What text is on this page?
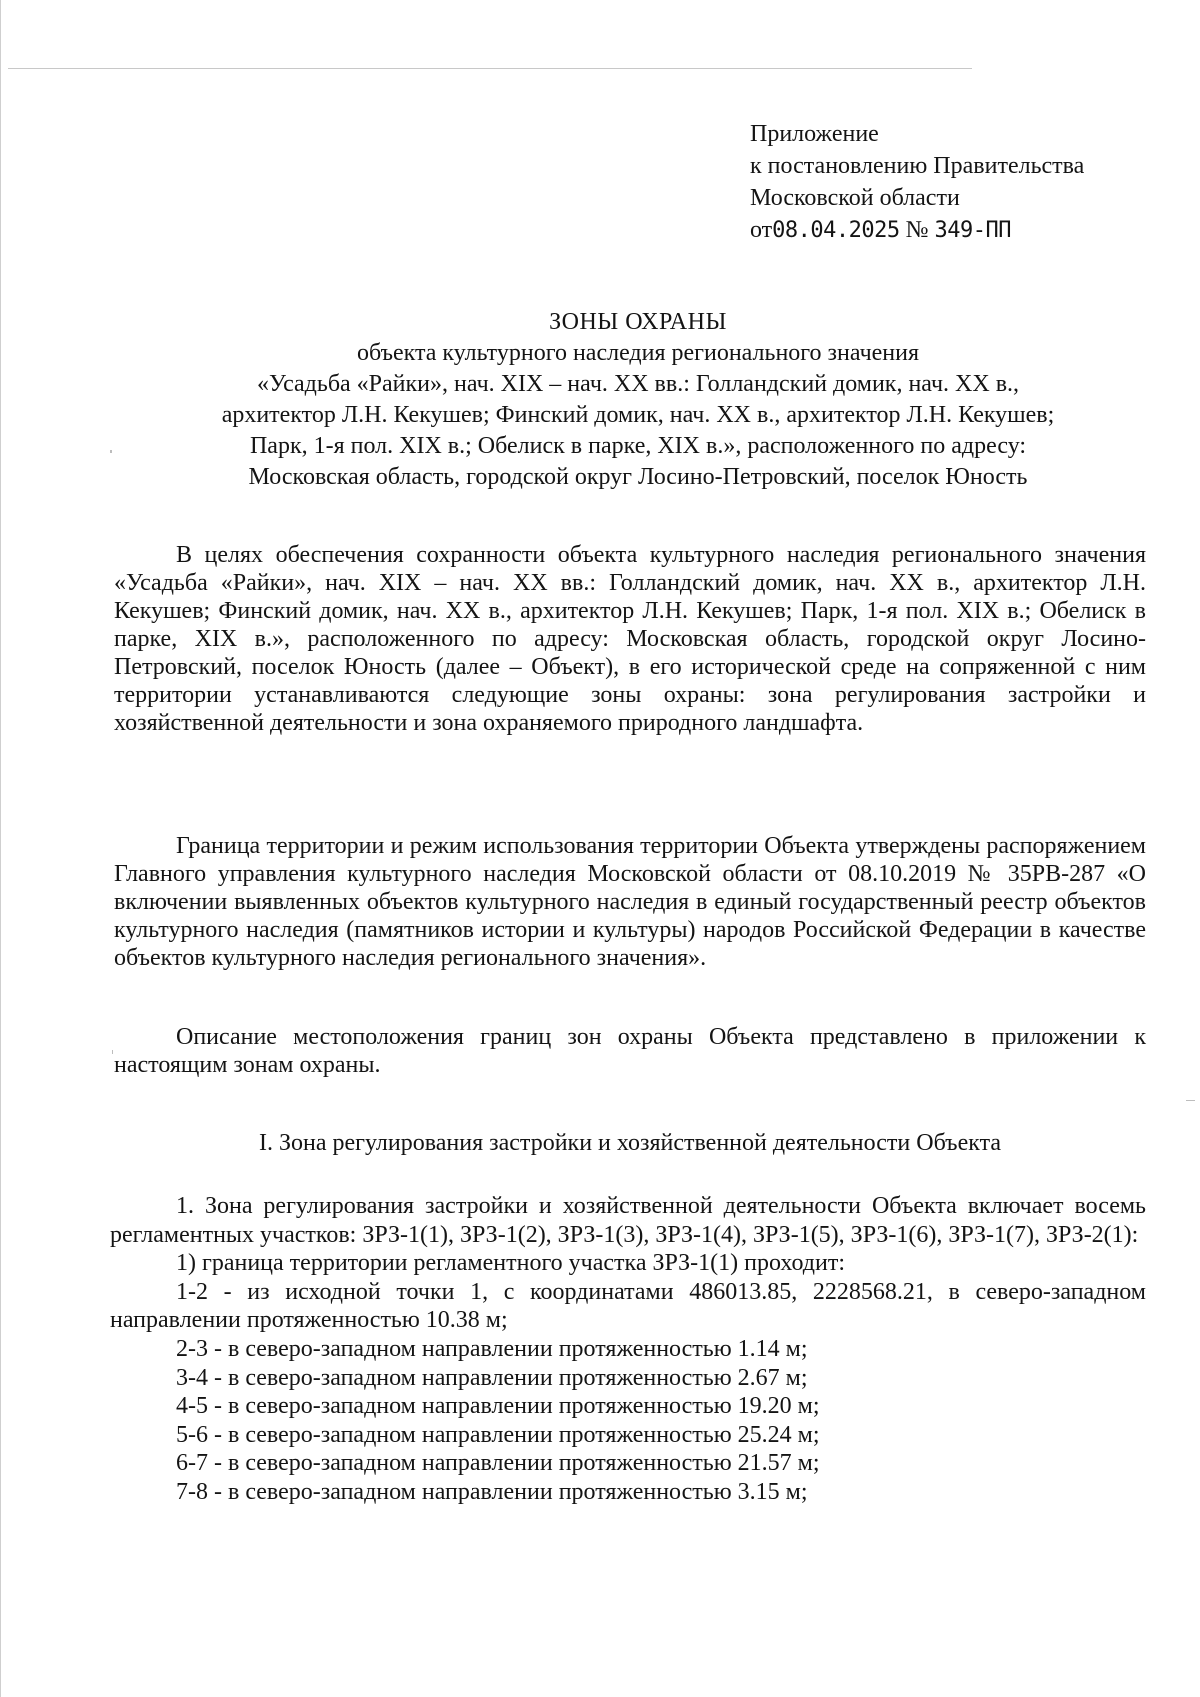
Приложение
к постановлению Правительства
Московской области
от08.04.2025 № 349-ПП
ЗОНЫ ОХРАНЫ
объекта культурного наследия регионального значения
«Усадьба «Райки», нач. XIX – нач. XX вв.: Голландский домик, нач. XX в.,
архитектор Л.Н. Кекушев; Финский домик, нач. XX в., архитектор Л.Н. Кекушев;
Парк, 1-я пол. XIX в.; Обелиск в парке, XIX в.», расположенного по адресу:
Московская область, городской округ Лосино-Петровский, поселок Юность

В целях обеспечения сохранности объекта культурного наследия регионального значения «Усадьба «Райки», нач. XIX – нач. XX вв.: Голландский домик, нач. XX в., архитектор Л.Н. Кекушев; Финский домик, нач. XX в., архитектор Л.Н. Кекушев; Парк, 1-я пол. XIX в.; Обелиск в парке, XIX в.», расположенного по адресу: Московская область, городской округ Лосино-Петровский, поселок Юность (далее – Объект), в его исторической среде на сопряженной с ним территории устанавливаются следующие зоны охраны: зона регулирования застройки и хозяйственной деятельности и зона охраняемого природного ландшафта.

Граница территории и режим использования территории Объекта утверждены распоряжением Главного управления культурного наследия Московской области от 08.10.2019 № 35РВ-287 «О включении выявленных объектов культурного наследия в единый государственный реестр объектов культурного наследия (памятников истории и культуры) народов Российской Федерации в качестве объектов культурного наследия регионального значения».

Описание местоположения границ зон охраны Объекта представлено в приложении к настоящим зонам охраны.

I. Зона регулирования застройки и хозяйственной деятельности Объекта

1. Зона регулирования застройки и хозяйственной деятельности Объекта включает восемь регламентных участков: ЗРЗ-1(1), ЗРЗ-1(2), ЗРЗ-1(3), ЗРЗ-1(4), ЗРЗ-1(5), ЗРЗ-1(6), ЗРЗ-1(7), ЗРЗ-2(1):

1) граница территории регламентного участка ЗРЗ-1(1) проходит:

1-2 - из исходной точки 1, с координатами 486013.85, 2228568.21, в северо-западном направлении протяженностью 10.38 м;

2-3 - в северо-западном направлении протяженностью 1.14 м;

3-4 - в северо-западном направлении протяженностью 2.67 м;

4-5 - в северо-западном направлении протяженностью 19.20 м;

5-6 - в северо-западном направлении протяженностью 25.24 м;

6-7 - в северо-западном направлении протяженностью 21.57 м;

7-8 - в северо-западном направлении протяженностью 3.15 м;
